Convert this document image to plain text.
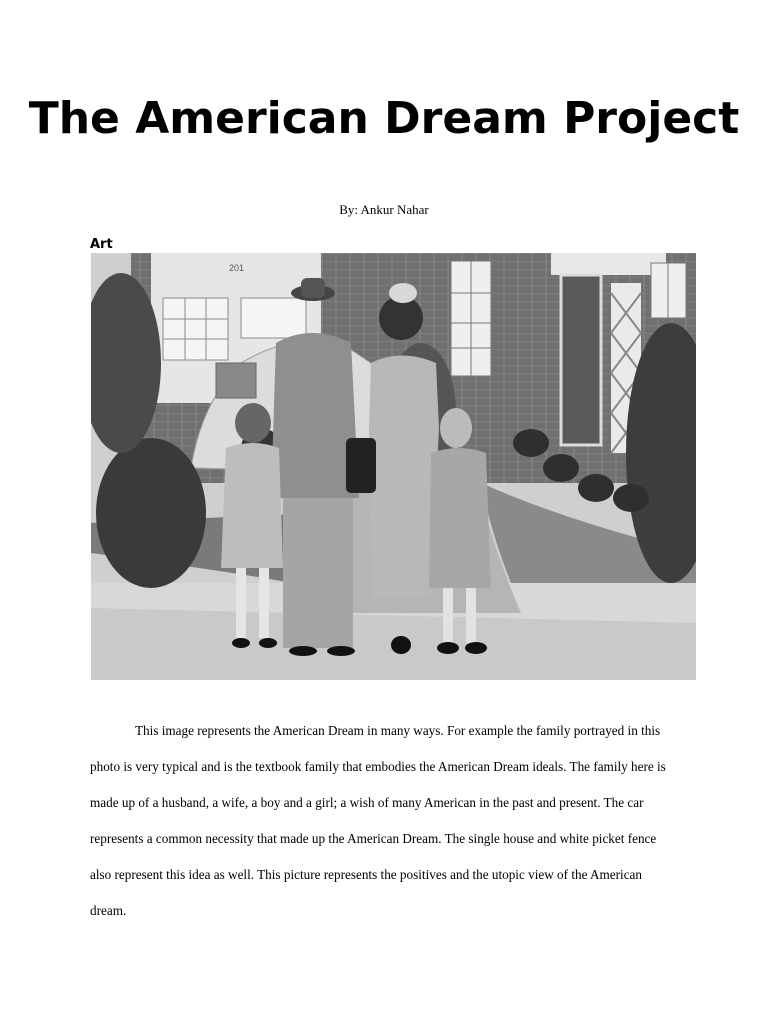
The American Dream Project
By: Ankur Nahar
Art
201

This image represents the American Dream in many ways. For example the family portrayed in this photo is very typical and is the textbook family that embodies the American Dream ideals. The family here is made up of a husband, a wife, a boy and a girl; a wish of many American in the past and present. The car represents a common necessity that made up the American Dream. The single house and white picket fence also represent this idea as well. This picture represents the positives and the utopic view of the American dream.
